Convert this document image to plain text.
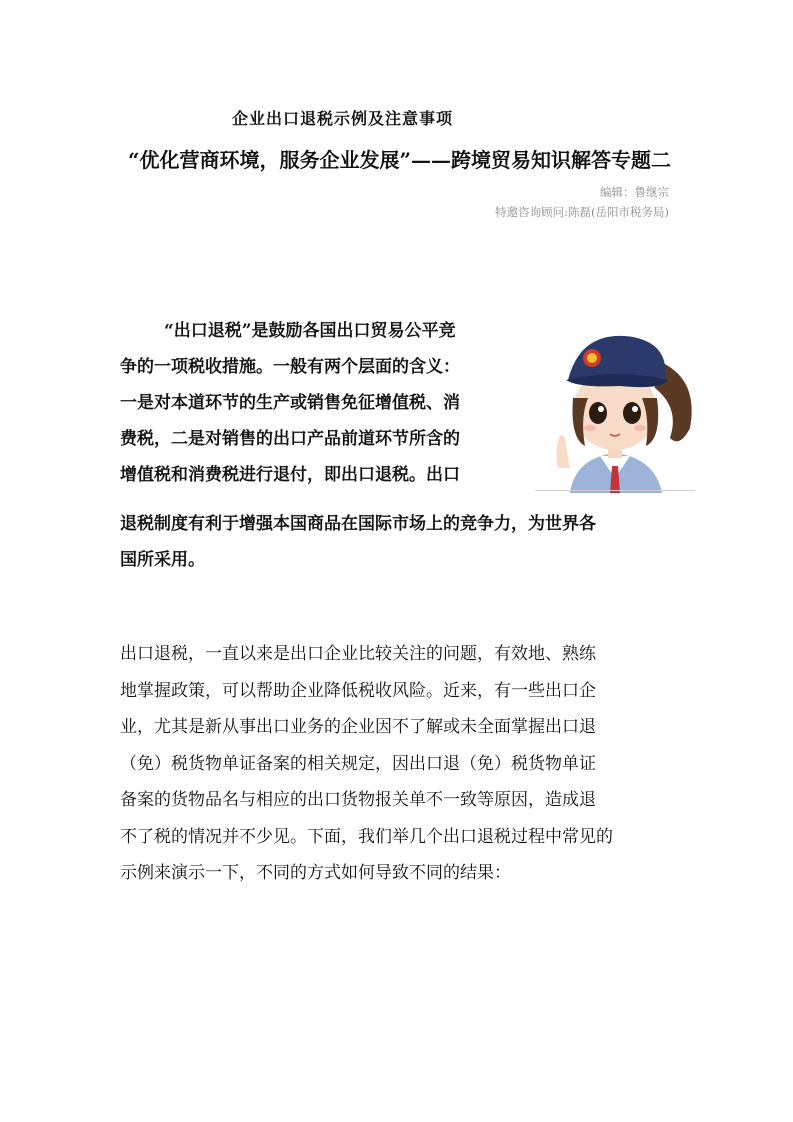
企业出口退税示例及注意事项
“优化营商环境，服务企业发展”——跨境贸易知识解答专题二
编辑：鲁继宗
特邀咨询顾问:陈磊(岳阳市税务局)

“出口退税”是鼓励各国出口贸易公平竞
争的一项税收措施。一般有两个层面的含义：
一是对本道环节的生产或销售免征增值税、消
费税，二是对销售的出口产品前道环节所含的
增值税和消费税进行退付，即出口退税。出口

退税制度有利于增强本国商品在国际市场上的竞争力，为世界各
国所采用。

出口退税，一直以来是出口企业比较关注的问题，有效地、熟练
地掌握政策，可以帮助企业降低税收风险。近来，有一些出口企
业，尤其是新从事出口业务的企业因不了解或未全面掌握出口退
（免）税货物单证备案的相关规定，因出口退（免）税货物单证
备案的货物品名与相应的出口货物报关单不一致等原因，造成退
不了税的情况并不少见。下面，我们举几个出口退税过程中常见的
示例来演示一下，不同的方式如何导致不同的结果：
